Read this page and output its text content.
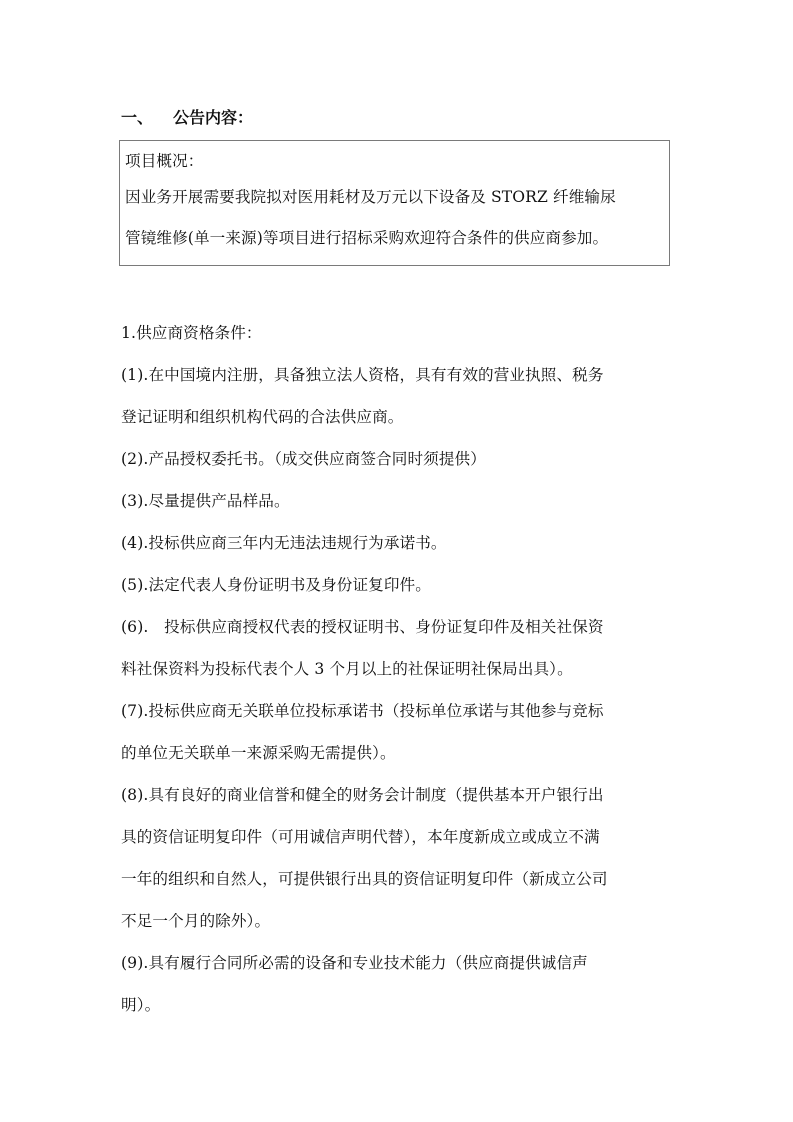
一、 公告内容：
项目概况：
因业务开展需要我院拟对医用耗材及万元以下设备及 STORZ 纤维输尿
管镜维修(单一来源)等项目进行招标采购欢迎符合条件的供应商参加。
1.供应商资格条件：
(1).在中国境内注册，具备独立法人资格，具有有效的营业执照、税务
登记证明和组织机构代码的合法供应商。
(2).产品授权委托书。（成交供应商签合同时须提供）
(3).尽量提供产品样品。
(4).投标供应商三年内无违法违规行为承诺书。
(5).法定代表人身份证明书及身份证复印件。
(6).　投标供应商授权代表的授权证明书、身份证复印件及相关社保资
料社保资料为投标代表个人 3 个月以上的社保证明社保局出具）。
(7).投标供应商无关联单位投标承诺书（投标单位承诺与其他参与竞标
的单位无关联单一来源采购无需提供）。
(8).具有良好的商业信誉和健全的财务会计制度（提供基本开户银行出
具的资信证明复印件（可用诚信声明代替），本年度新成立或成立不满
一年的组织和自然人，可提供银行出具的资信证明复印件（新成立公司
不足一个月的除外）。
(9).具有履行合同所必需的设备和专业技术能力（供应商提供诚信声
明）。
